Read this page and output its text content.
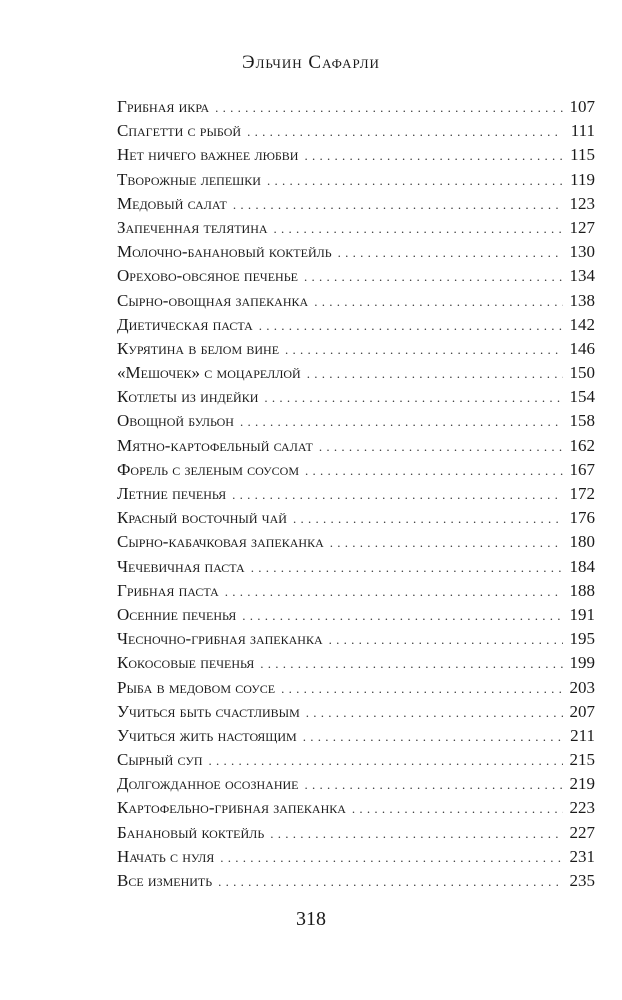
Эльчин Сафарли
Грибная икра . . .	107
Спагетти с рыбой . . .	111
Нет ничего важнее любви . . .	115
Творожные лепешки . . .	119
Медовый салат . . .	123
Запеченная телятина . . .	127
Молочно-банановый коктейль . . .	130
Орехово-овсяное печенье . . .	134
Сырно-овощная запеканка . . .	138
Диетическая паста . . .	142
Курятина в белом вине . . .	146
«Мешочек» с моцареллой . . .	150
Котлеты из индейки . . .	154
Овощной бульон . . .	158
Мятно-картофельный салат . . .	162
Форель с зеленым соусом . . .	167
Летние печенья . . .	172
Красный восточный чай . . .	176
Сырно-кабачковая запеканка . . .	180
Чечевичная паста . . .	184
Грибная паста . . .	188
Осенние печенья . . .	191
Чесночно-грибная запеканка . . .	195
Кокосовые печенья . . .	199
Рыба в медовом соусе . . .	203
Учиться быть счастливым . . .	207
Учиться жить настоящим . . .	211
Сырный суп . . .	215
Долгожданное осознание . . .	219
Картофельно-грибная запеканка . . .	223
Банановый коктейль . . .	227
Начать с нуля . . .	231
Все изменить . . .	235
318
